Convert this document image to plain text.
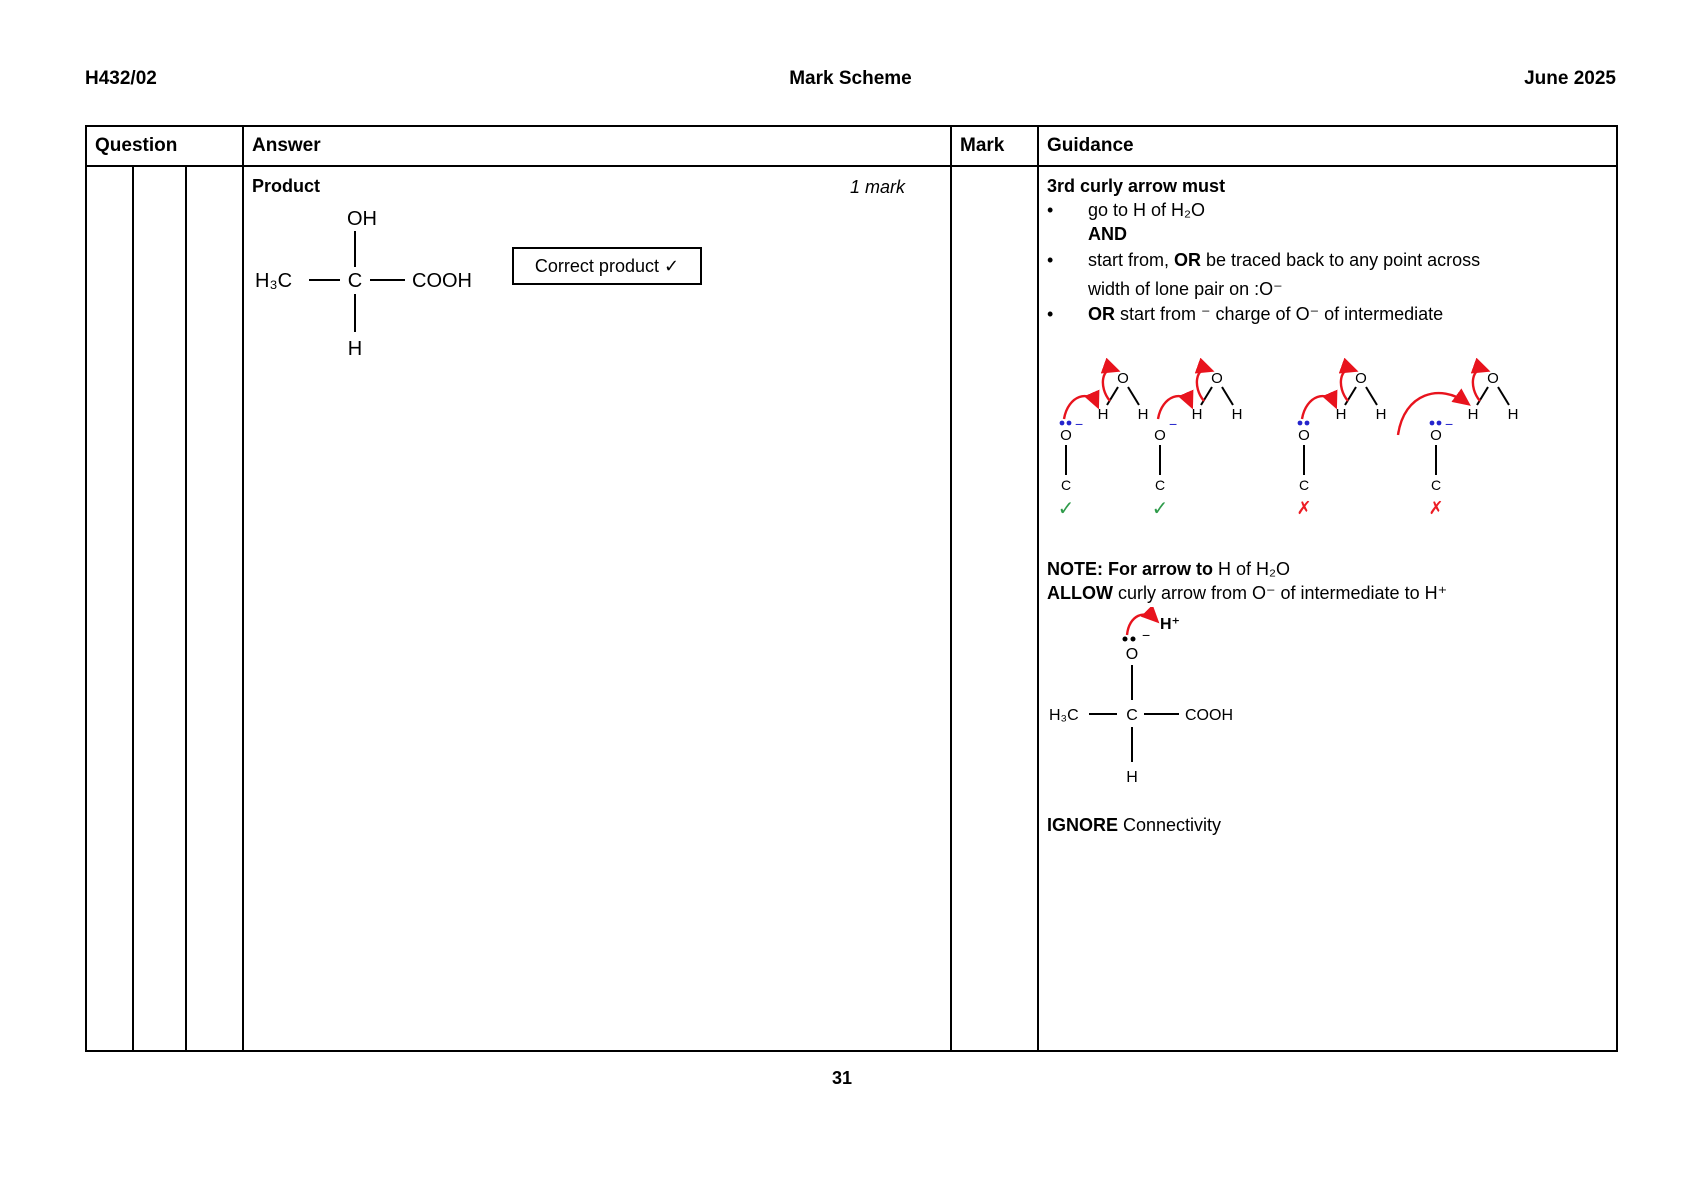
H432/02	Mark Scheme	June 2025
Question			Answer	Mark	Guidance

Product	1 mark
OH
H₃C	C COOH
H
Correct product ✓

3rd curly arrow must
•	go to H of H₂O
AND
•	start from, OR be traced back to any point across
width of lone pair on :O⁻
•	OR start from ⁻ charge of O⁻ of intermediate
−
O
C
O
H H
✓
−
O
C
O
H H
✓
O
C
O
H H
✗
−
O
C
O
H H
✗
NOTE: For arrow to H of H₂O
ALLOW curly arrow from O⁻ of intermediate to H⁺
H⁺
−
O
H₃C	C	COOH
H
IGNORE Connectivity
31
